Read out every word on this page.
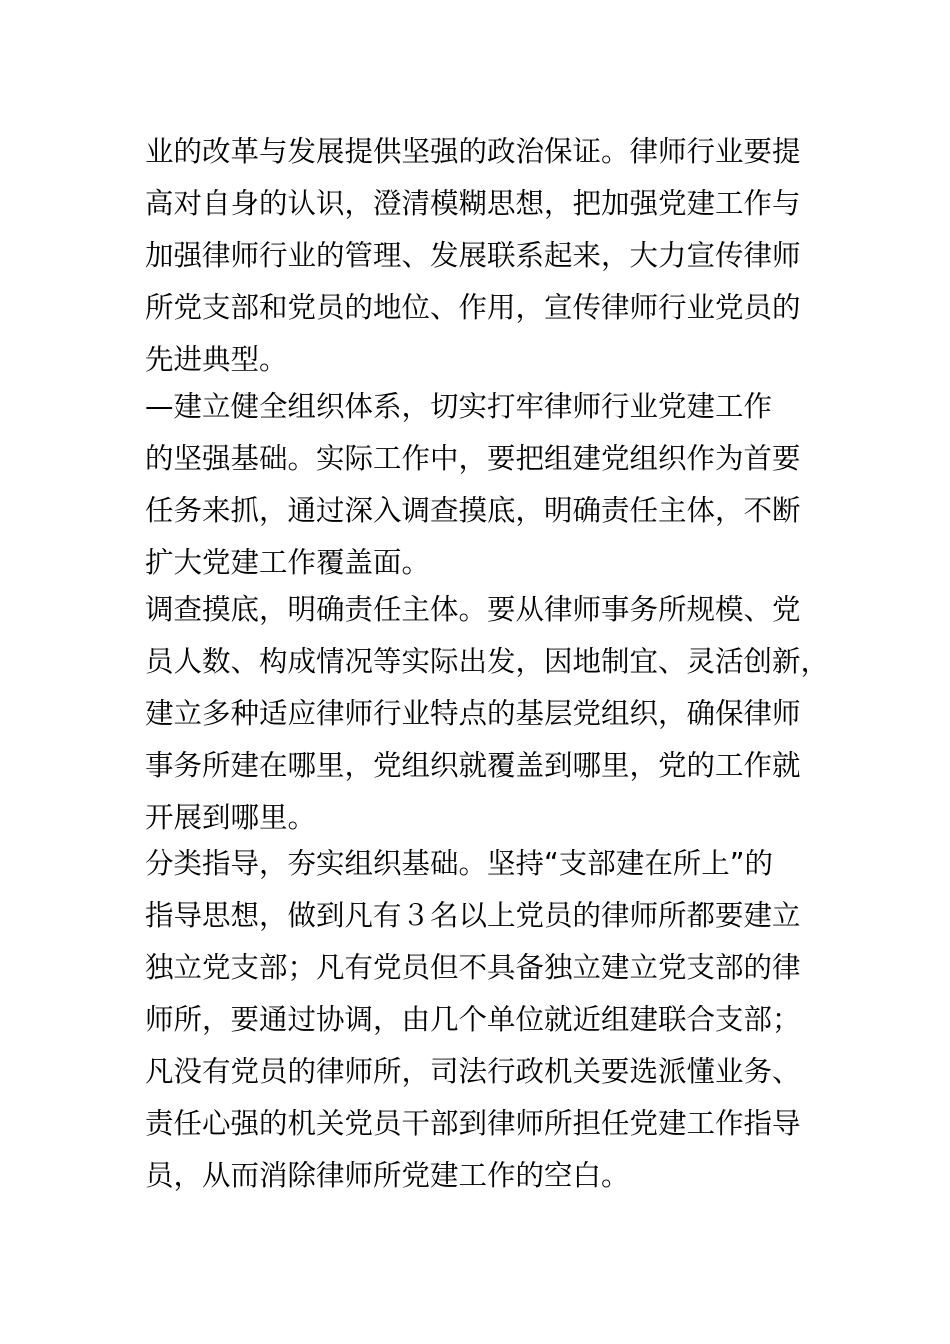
业的改革与发展提供坚强的政治保证。律师行业要提
高对自身的认识，澄清模糊思想，把加强党建工作与
加强律师行业的管理、发展联系起来，大力宣传律师
所党支部和党员的地位、作用，宣传律师行业党员的
先进典型。
—建立健全组织体系，切实打牢律师行业党建工作
的坚强基础。实际工作中，要把组建党组织作为首要
任务来抓，通过深入调查摸底，明确责任主体，不断
扩大党建工作覆盖面。
调查摸底，明确责任主体。要从律师事务所规模、党
员人数、构成情况等实际出发，因地制宜、灵活创新，
建立多种适应律师行业特点的基层党组织，确保律师
事务所建在哪里，党组织就覆盖到哪里，党的工作就
开展到哪里。
分类指导，夯实组织基础。坚持“支部建在所上”的
指导思想，做到凡有３名以上党员的律师所都要建立
独立党支部；凡有党员但不具备独立建立党支部的律
师所，要通过协调，由几个单位就近组建联合支部；
凡没有党员的律师所，司法行政机关要选派懂业务、
责任心强的机关党员干部到律师所担任党建工作指导
员，从而消除律师所党建工作的空白。
